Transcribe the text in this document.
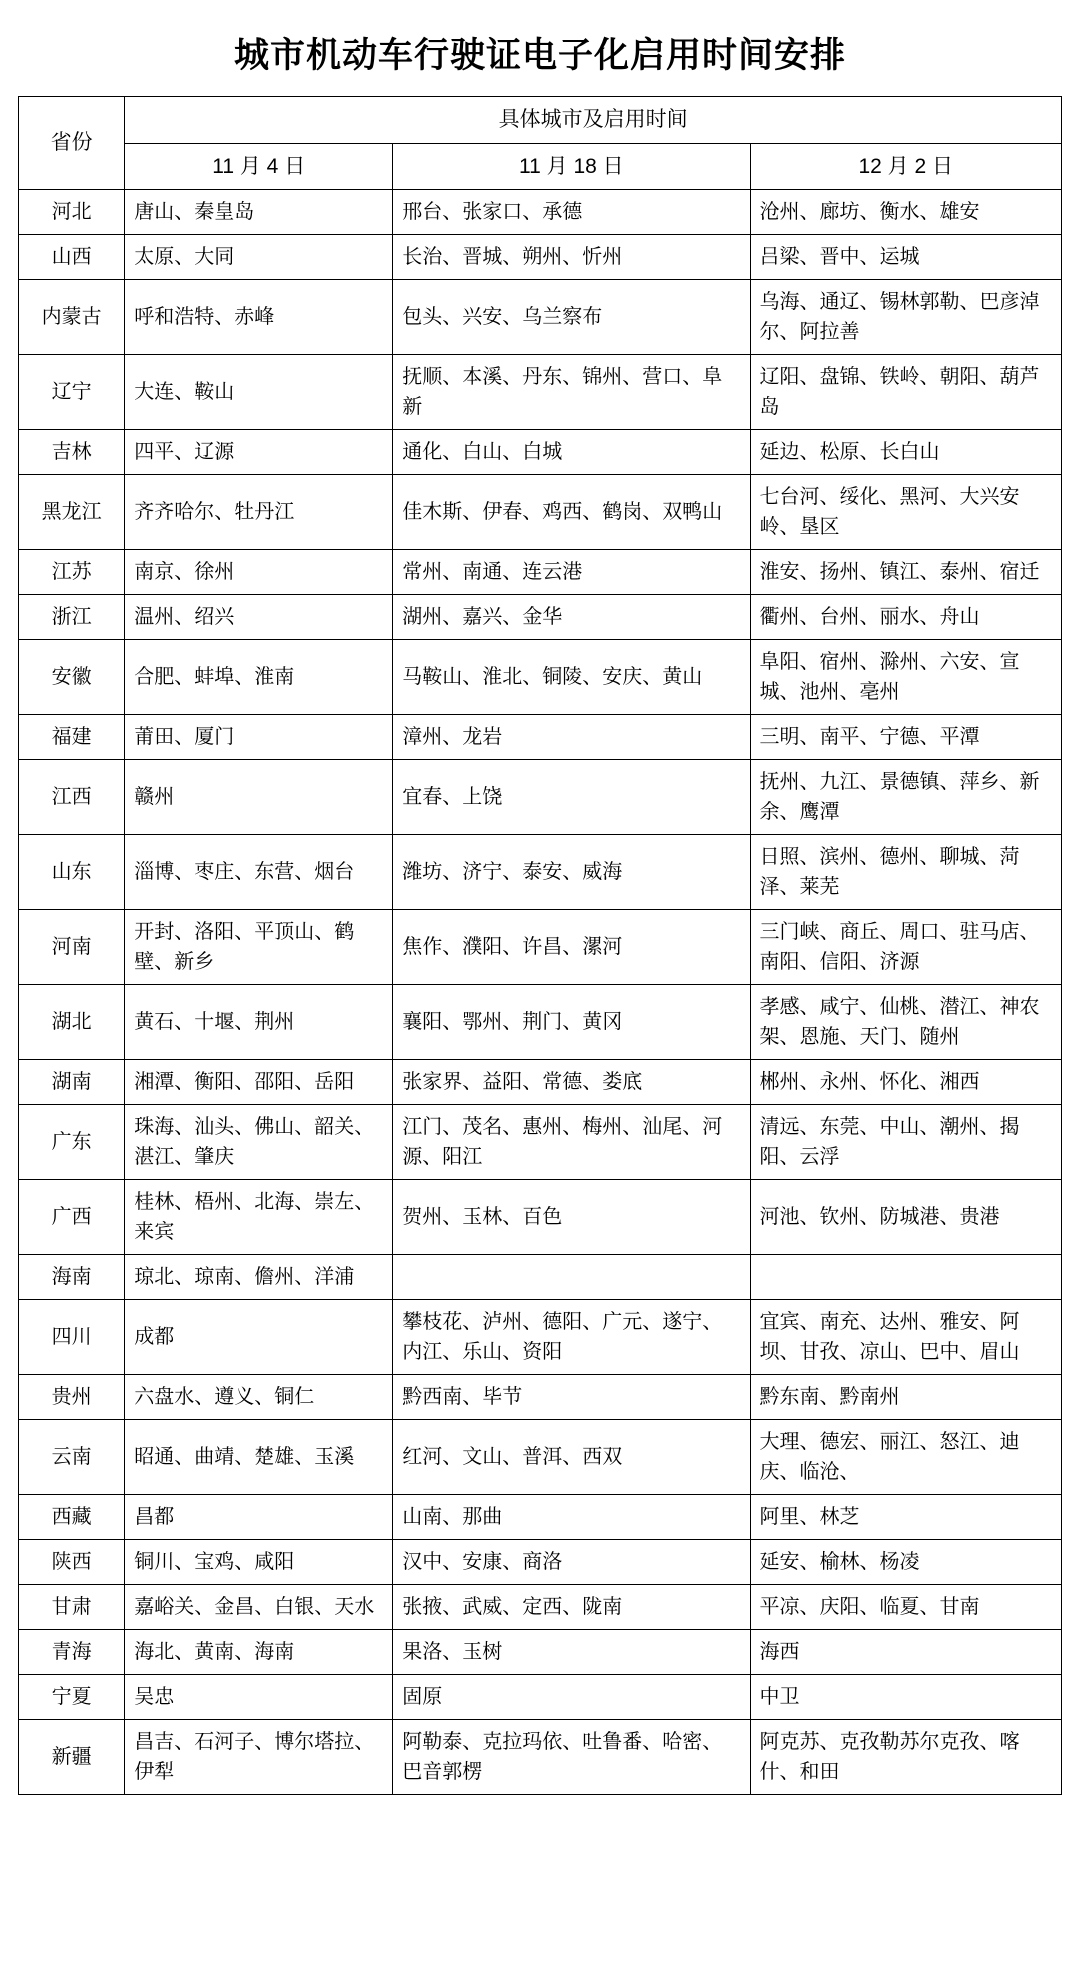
城市机动车行驶证电子化启用时间安排
省份	具体城市及启用时间		
	11 月 4 日	11 月 18 日	12 月 2 日
河北	唐山、秦皇岛	邢台、张家口、承德	沧州、廊坊、衡水、雄安
山西	太原、大同	长治、晋城、朔州、忻州	吕梁、晋中、运城
内蒙古	呼和浩特、赤峰	包头、兴安、乌兰察布	乌海、通辽、锡林郭勒、巴彦淖尔、阿拉善
辽宁	大连、鞍山	抚顺、本溪、丹东、锦州、营口、阜新	辽阳、盘锦、铁岭、朝阳、葫芦岛
吉林	四平、辽源	通化、白山、白城	延边、松原、长白山
黑龙江	齐齐哈尔、牡丹江	佳木斯、伊春、鸡西、鹤岗、双鸭山	七台河、绥化、黑河、大兴安岭、垦区
江苏	南京、徐州	常州、南通、连云港	淮安、扬州、镇江、泰州、宿迁
浙江	温州、绍兴	湖州、嘉兴、金华	衢州、台州、丽水、舟山
安徽	合肥、蚌埠、淮南	马鞍山、淮北、铜陵、安庆、黄山	阜阳、宿州、滁州、六安、宣城、池州、亳州
福建	莆田、厦门	漳州、龙岩	三明、南平、宁德、平潭
江西	赣州	宜春、上饶	抚州、九江、景德镇、萍乡、新余、鹰潭
山东	淄博、枣庄、东营、烟台	潍坊、济宁、泰安、威海	日照、滨州、德州、聊城、菏泽、莱芜
河南	开封、洛阳、平顶山、鹤壁、新乡	焦作、濮阳、许昌、漯河	三门峡、商丘、周口、驻马店、南阳、信阳、济源
湖北	黄石、十堰、荆州	襄阳、鄂州、荆门、黄冈	孝感、咸宁、仙桃、潜江、神农架、恩施、天门、随州
湖南	湘潭、衡阳、邵阳、岳阳	张家界、益阳、常德、娄底	郴州、永州、怀化、湘西
广东	珠海、汕头、佛山、韶关、湛江、肇庆	江门、茂名、惠州、梅州、汕尾、河源、阳江	清远、东莞、中山、潮州、揭阳、云浮
广西	桂林、梧州、北海、崇左、来宾	贺州、玉林、百色	河池、钦州、防城港、贵港
海南	琼北、琼南、儋州、洋浦		
四川	成都	攀枝花、泸州、德阳、广元、遂宁、内江、乐山、资阳	宜宾、南充、达州、雅安、阿坝、甘孜、凉山、巴中、眉山
贵州	六盘水、遵义、铜仁	黔西南、毕节	黔东南、黔南州
云南	昭通、曲靖、楚雄、玉溪	红河、文山、普洱、西双	大理、德宏、丽江、怒江、迪庆、临沧、
西藏	昌都	山南、那曲	阿里、林芝
陕西	铜川、宝鸡、咸阳	汉中、安康、商洛	延安、榆林、杨凌
甘肃	嘉峪关、金昌、白银、天水	张掖、武威、定西、陇南	平凉、庆阳、临夏、甘南
青海	海北、黄南、海南	果洛、玉树	海西
宁夏	吴忠	固原	中卫
新疆	昌吉、石河子、博尔塔拉、伊犁	阿勒泰、克拉玛依、吐鲁番、哈密、巴音郭楞	阿克苏、克孜勒苏尔克孜、喀什、和田
